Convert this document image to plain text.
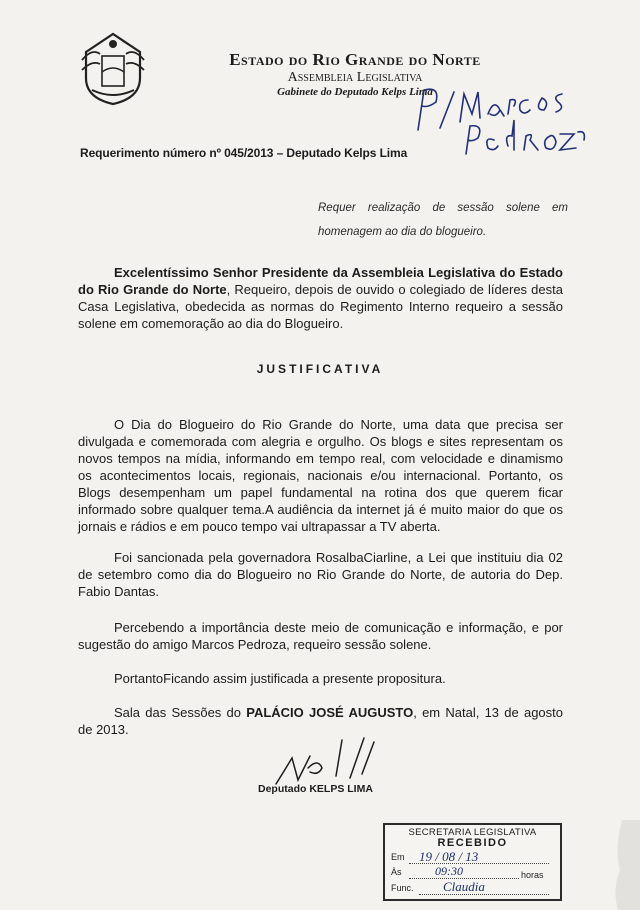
Estado do Rio Grande do Norte
Assembleia Legislativa
Gabinete do Deputado Kelps Lima
Requerimento número nº 045/2013 – Deputado Kelps Lima
Requer realização de sessão solene em homenagem ao dia do blogueiro.
Excelentíssimo Senhor Presidente da Assembleia Legislativa do Estado do Rio Grande do Norte, Requeiro, depois de ouvido o colegiado de líderes desta Casa Legislativa, obedecida as normas do Regimento Interno requeiro a sessão solene em comemoração ao dia do Blogueiro.
JUSTIFICATIVA
O Dia do Blogueiro do Rio Grande do Norte, uma data que precisa ser divulgada e comemorada com alegria e orgulho. Os blogs e sites representam os novos tempos na mídia, informando em tempo real, com velocidade e dinamismo os acontecimentos locais, regionais, nacionais e/ou internacional. Portanto, os Blogs desempenham um papel fundamental na rotina dos que querem ficar informado sobre qualquer tema.A audiência da internet já é muito maior do que os jornais e rádios e em pouco tempo vai ultrapassar a TV aberta.
Foi sancionada pela governadora RosalbaCiarline, a Lei que instituiu dia 02 de setembro como dia do Blogueiro no Rio Grande do Norte, de autoria do Dep. Fabio Dantas.
Percebendo a importância deste meio de comunicação e informação, e por sugestão do amigo Marcos Pedroza, requeiro sessão solene.
PortantoFicando assim justificada a presente propositura.
Sala das Sessões do PALÁCIO JOSÉ AUGUSTO, em Natal, 13 de agosto de 2013.
Deputado KELPS LIMA
SECRETARIA LEGISLATIVA
RECEBIDO
Em	19 / 08 / 13
Às	09:30	horas
Func. Claudia
